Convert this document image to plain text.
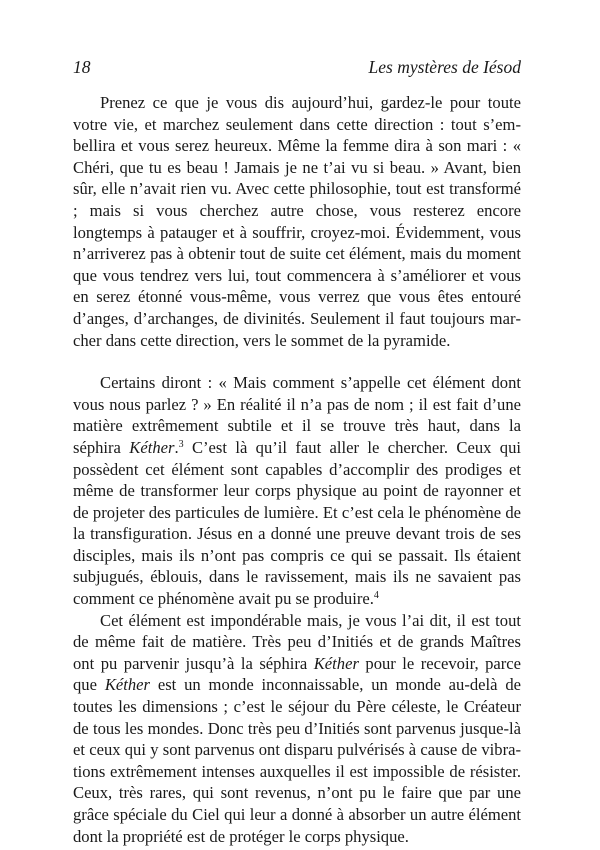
18	Les mystères de Iésod

Prenez ce que je vous dis aujourd’hui, gardez-le pour toute votre vie, et marchez seulement dans cette direction : tout s’embellira et vous serez heureux. Même la femme dira à son mari : « Chéri, que tu es beau ! Jamais je ne t’ai vu si beau. » Avant, bien sûr, elle n’avait rien vu. Avec cette philosophie, tout est transformé ; mais si vous cherchez autre chose, vous resterez encore longtemps à patauger et à souffrir, croyez-moi. Évidemment, vous n’arriverez pas à obtenir tout de suite cet élément, mais du moment que vous tendrez vers lui, tout commencera à s’améliorer et vous en serez étonné vous-même, vous verrez que vous êtes entouré d’anges, d’archanges, de divinités. Seulement il faut toujours marcher dans cette direction, vers le sommet de la pyramide.

Certains diront : « Mais comment s’appelle cet élément dont vous nous parlez ? » En réalité il n’a pas de nom ; il est fait d’une matière extrêmement subtile et il se trouve très haut, dans la séphira Kéther.$^3$ C’est là qu’il faut aller le chercher. Ceux qui possèdent cet élément sont capables d’accomplir des prodiges et même de transformer leur corps physique au point de rayonner et de projeter des particules de lumière. Et c’est cela le phénomène de la transfiguration. Jésus en a donné une preuve devant trois de ses disciples, mais ils n’ont pas compris ce qui se passait. Ils étaient subjugués, éblouis, dans le ravissement, mais ils ne savaient pas comment ce phénomène avait pu se produire.$^4$

Cet élément est impondérable mais, je vous l’ai dit, il est tout de même fait de matière. Très peu d’Initiés et de grands Maîtres ont pu parvenir jusqu’à la séphira Kéther pour le recevoir, parce que Kéther est un monde inconnaissable, un monde au-delà de toutes les dimensions ; c’est le séjour du Père céleste, le Créateur de tous les mondes. Donc très peu d’Initiés sont parvenus jusque-là et ceux qui y sont parvenus ont disparu pulvérisés à cause de vibrations extrêmement intenses auxquelles il est impossible de résister. Ceux, très rares, qui sont revenus, n’ont pu le faire que par une grâce spéciale du Ciel qui leur a donné à absorber un autre élément dont la propriété est de protéger le corps physique.
